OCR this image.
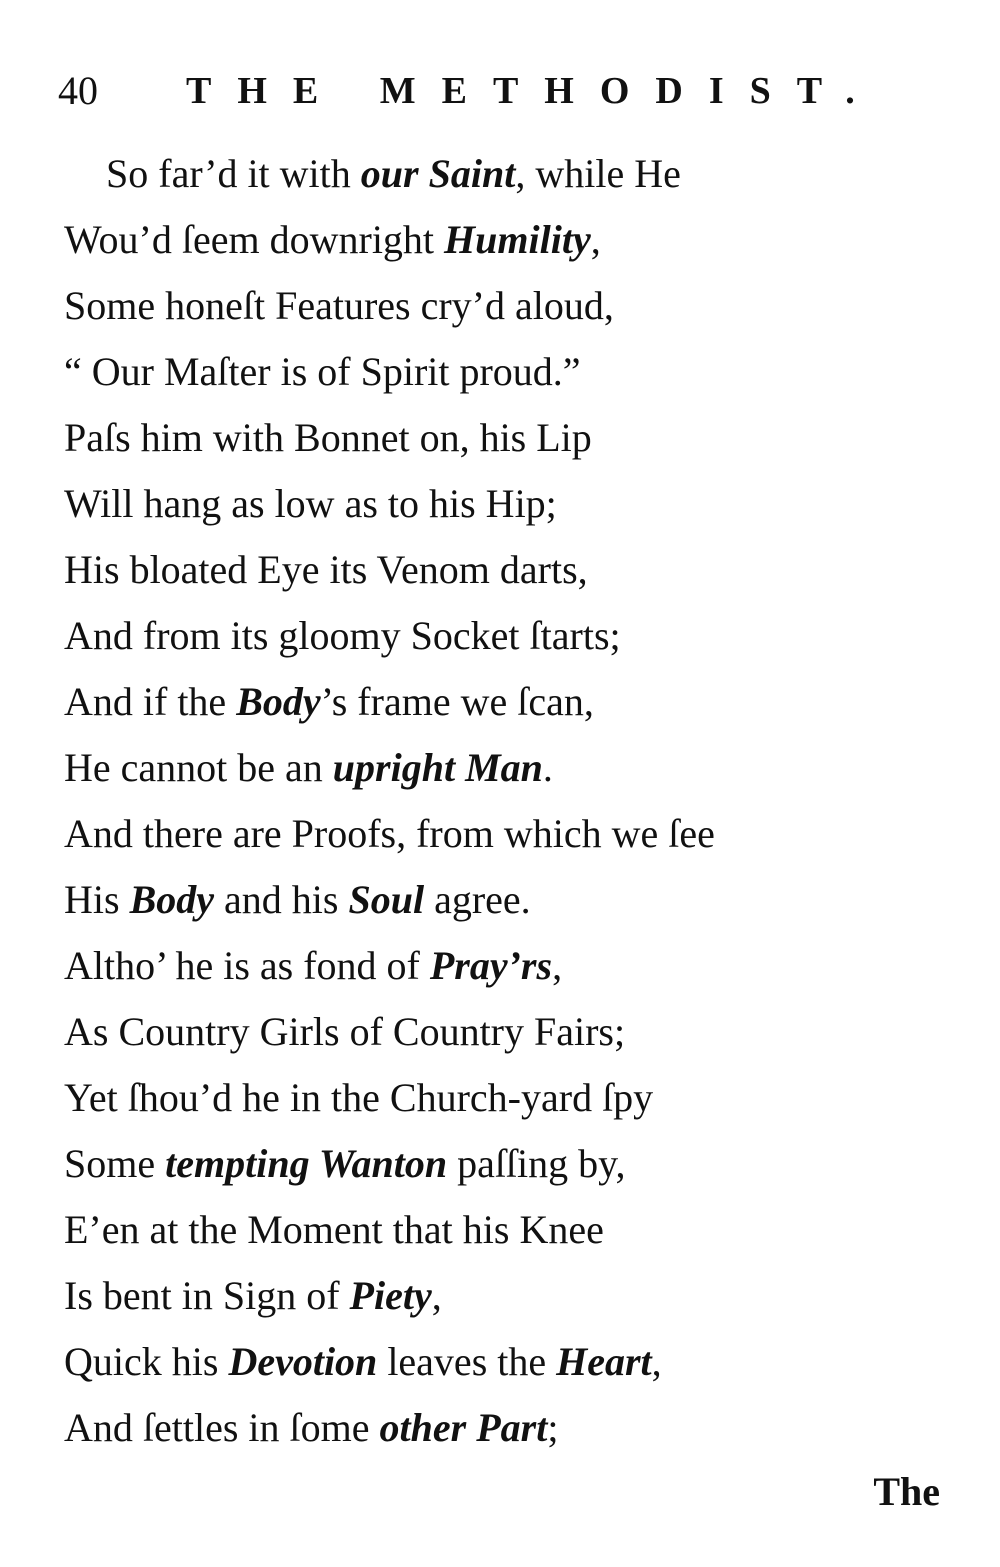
40 THE METHODIST.
So far’d it with our Saint, while He
Wou’d ſeem downright Humility,
Some honeſt Features cry’d aloud,
“ Our Maſter is of Spirit proud.”
Paſs him with Bonnet on, his Lip
Will hang as low as to his Hip;
His bloated Eye its Venom darts,
And from its gloomy Socket ſtarts;
And if the Body’s frame we ſcan,
He cannot be an upright Man.
And there are Proofs, from which we ſee
His Body and his Soul agree.
Altho’ he is as fond of Pray’rs,
As Country Girls of Country Fairs;
Yet ſhou’d he in the Church-yard ſpy
Some tempting Wanton paſſing by,
E’en at the Moment that his Knee
Is bent in Sign of Piety,
Quick his Devotion leaves the Heart,
And ſettles in ſome other Part;
The
